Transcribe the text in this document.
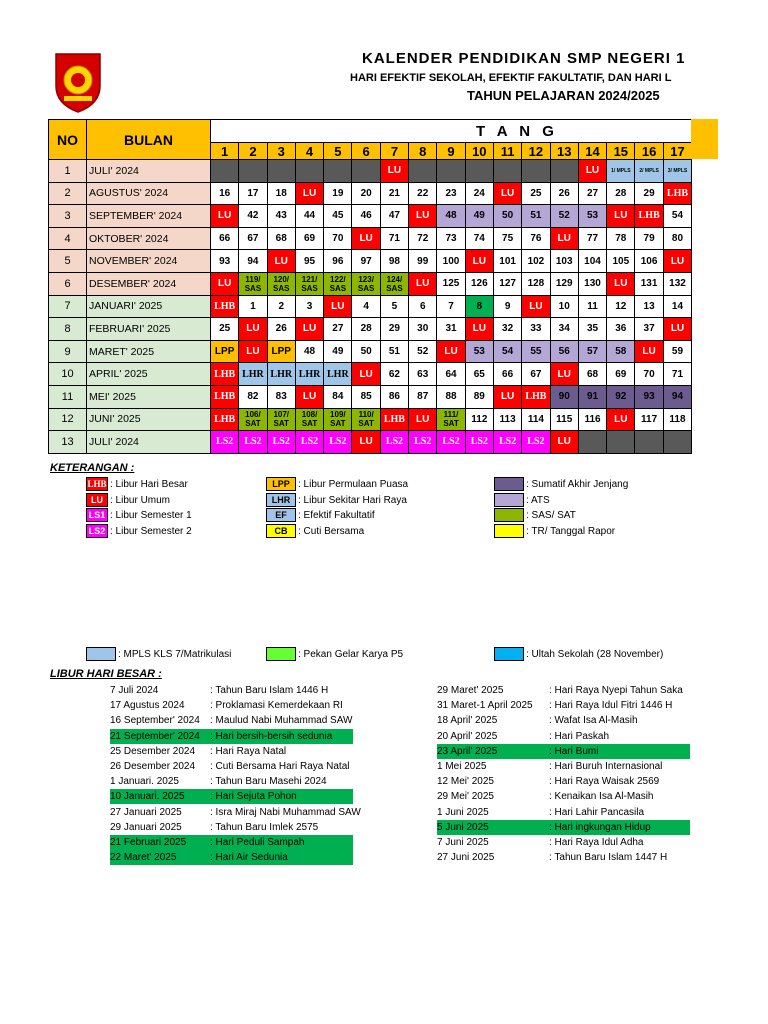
KALENDER PENDIDIKAN SMP NEGERI 1
HARI EFEKTIF SEKOLAH, EFEKTIF FAKULTATIF, DAN HARI L
TAHUN PELAJARAN 2024/2025
NO	BULAN	T A N G																
		1	2	3	4	5	6	7	8	9	10	11	12	13	14	15	16	17
1	JULI' 2024							LU							LU	1/ MPLS	2/ MPLS	3/ MPLS
2	AGUSTUS' 2024	16	17	18	LU	19	20	21	22	23	24	LU	25	26	27	28	29	LHB
3	SEPTEMBER' 2024	LU	42	43	44	45	46	47	LU	48	49	50	51	52	53	LU	LHB	54
4	OKTOBER' 2024	66	67	68	69	70	LU	71	72	73	74	75	76	LU	77	78	79	80
5	NOVEMBER' 2024	93	94	LU	95	96	97	98	99	100	LU	101	102	103	104	105	106	LU
6	DESEMBER' 2024	LU	119/ SAS	120/ SAS	121/ SAS	122/ SAS	123/ SAS	124/ SAS	LU	125	126	127	128	129	130	LU	131	132
7	JANUARI' 2025	LHB	1	2	3	LU	4	5	6	7	8	9	LU	10	11	12	13	14
8	FEBRUARI' 2025	25	LU	26	LU	27	28	29	30	31	LU	32	33	34	35	36	37	LU
9	MARET' 2025	LPP	LU	LPP	48	49	50	51	52	LU	53	54	55	56	57	58	LU	59
10	APRIL' 2025	LHB	LHR	LHR	LHR	LHR	LU	62	63	64	65	66	67	LU	68	69	70	71
11	MEI' 2025	LHB	82	83	LU	84	85	86	87	88	89	LU	LHB	90	91	92	93	94
12	JUNI' 2025	LHB	106/ SAT	107/ SAT	108/ SAT	109/ SAT	110/ SAT	LHB	LU	111/ SAT	112	113	114	115	116	LU	117	118
13	JULI' 2024	LS2	LS2	LS2	LS2	LS2	LU	LS2	LS2	LS2	LS2	LS2	LS2	LU				
KETERANGAN :
LHB : Libur Hari Besar
LU : Libur Umum
LS1 : Libur Semester 1
LS2 : Libur Semester 2
LPP : Libur Permulaan Puasa
LHR : Libur Sekitar Hari Raya
EF	: Efektif Fakultatif
CB	: Cuti Bersama
: Sumatif Akhir Jenjang
: ATS
: SAS/ SAT
: TR/ Tanggal Rapor
: MPLS KLS 7/Matrikulasi	: Pekan Gelar Karya P5	: Ultah Sekolah (28 November)
LIBUR HARI BESAR :
7 Juli 2024	: Tahun Baru Islam 1446 H
17 Agustus 2024	: Proklamasi Kemerdekaan RI
16 September' 2024 : Maulud Nabi Muhammad SAW
21 September' 2024 : Hari bersih-bersih sedunia
25 Desember 2024 : Hari Raya Natal
26 Desember 2024 : Cuti Bersama Hari Raya Natal
1 Januari. 2025	: Tahun Baru Masehi 2024
10 Januari. 2025	: Hari Sejuta Pohon
27 Januari 2025	: Isra Miraj Nabi Muhammad SAW
29 Januari 2025	: Tahun Baru Imlek 2575
21 Februari 2025 : Hari Peduli Sampah
22 Maret' 2025	: Hari Air Sedunia
29 Maret' 2025	: Hari Raya Nyepi Tahun Saka
31 Maret-1 April 2025 : Hari Raya Idul Fitri 1446 H
18 April' 2025	: Wafat Isa Al-Masih
20 April' 2025	: Hari Paskah
23 April' 2025	: Hari Bumi
1 Mei 2025	: Hari Buruh Internasional
12 Mei' 2025	: Hari Raya Waisak 2569
29 Mei' 2025	: Kenaikan Isa Al-Masih
1 Juni 2025	: Hari Lahir Pancasila
5 Juni 2025	: Hari ingkungan Hidup
7 Juni 2025	: Hari Raya Idul Adha
27 Juni 2025	: Tahun Baru Islam 1447 H
